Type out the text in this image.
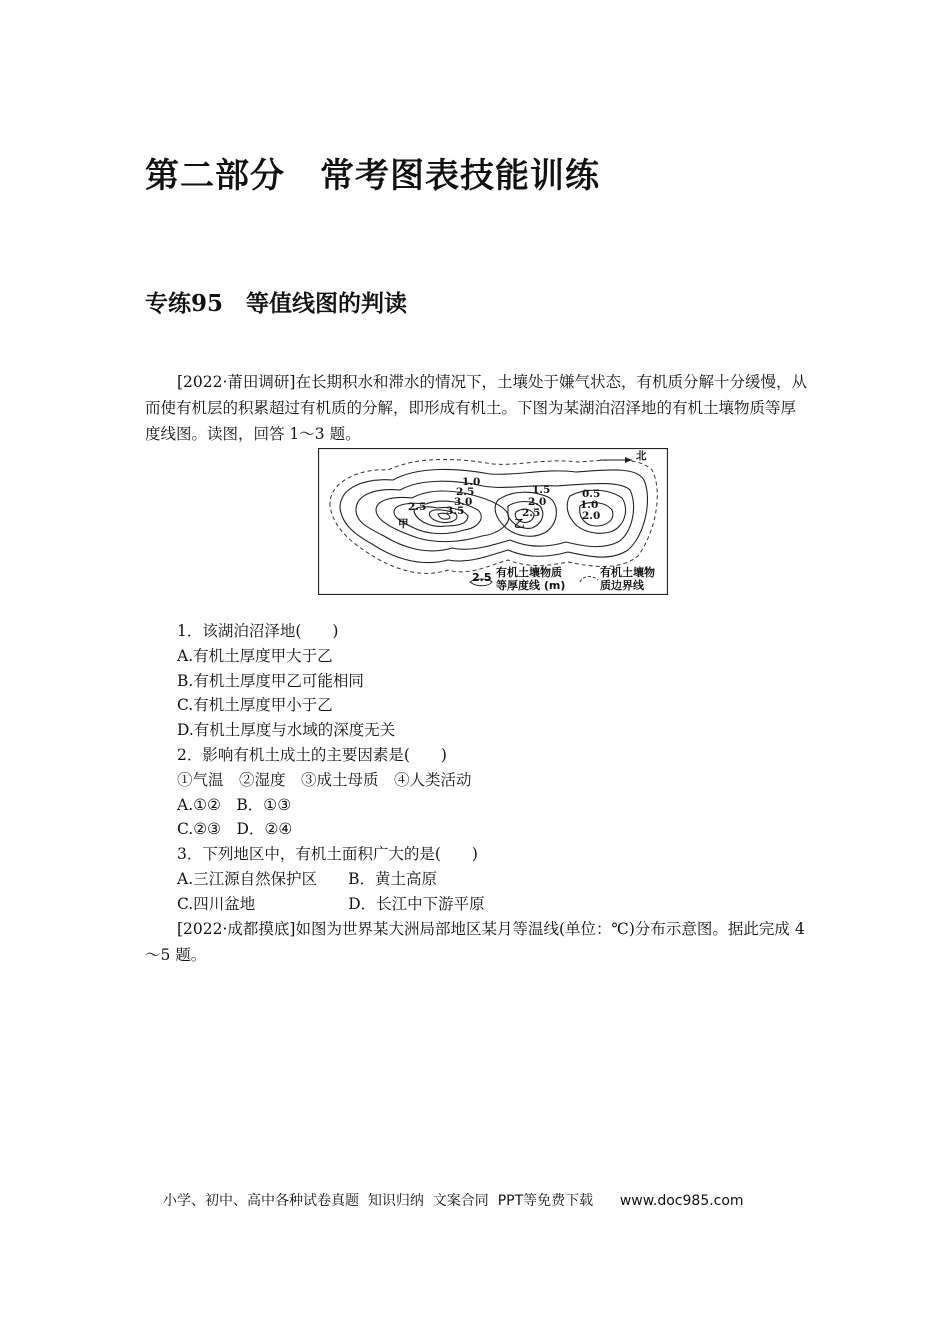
第二部分　常考图表技能训练
专练95　等值线图的判读
[2022·莆田调研]在长期积水和滞水的情况下，土壤处于嫌气状态，有机质分解十分缓慢，从而使有机层的积累超过有机质的分解，即形成有机土。下图为某湖泊沼泽地的有机土壤物质等厚度线图。读图，回答 1～3 题。
北
1.0
2.5
3.0
2.5 3.5
1.5
2.0
2.5
0.5
1.0
2.0
甲	乙
2.5 有机土壤物质
等厚度线 (m)
有机土壤物
质边界线
1．该湖泊沼泽地(　　)
A.有机土厚度甲大于乙
B.有机土厚度甲乙可能相同
C.有机土厚度甲小于乙
D.有机土厚度与水域的深度无关
2．影响有机土成土的主要因素是(　　)
①气温　②湿度　③成土母质　④人类活动
A.①②　B．①③
C.②③　D．②④
3．下列地区中，有机土面积广大的是(　　)
A.三江源自然保护区　　B．黄土高原
C.四川盆地　　　　　　D．长江中下游平原
[2022·成都摸底]如图为世界某大洲局部地区某月等温线(单位：℃)分布示意图。据此完成 4～5 题。
小学、初中、高中各种试卷真题  知识归纳  文案合同  PPT等免费下载      www.doc985.com
